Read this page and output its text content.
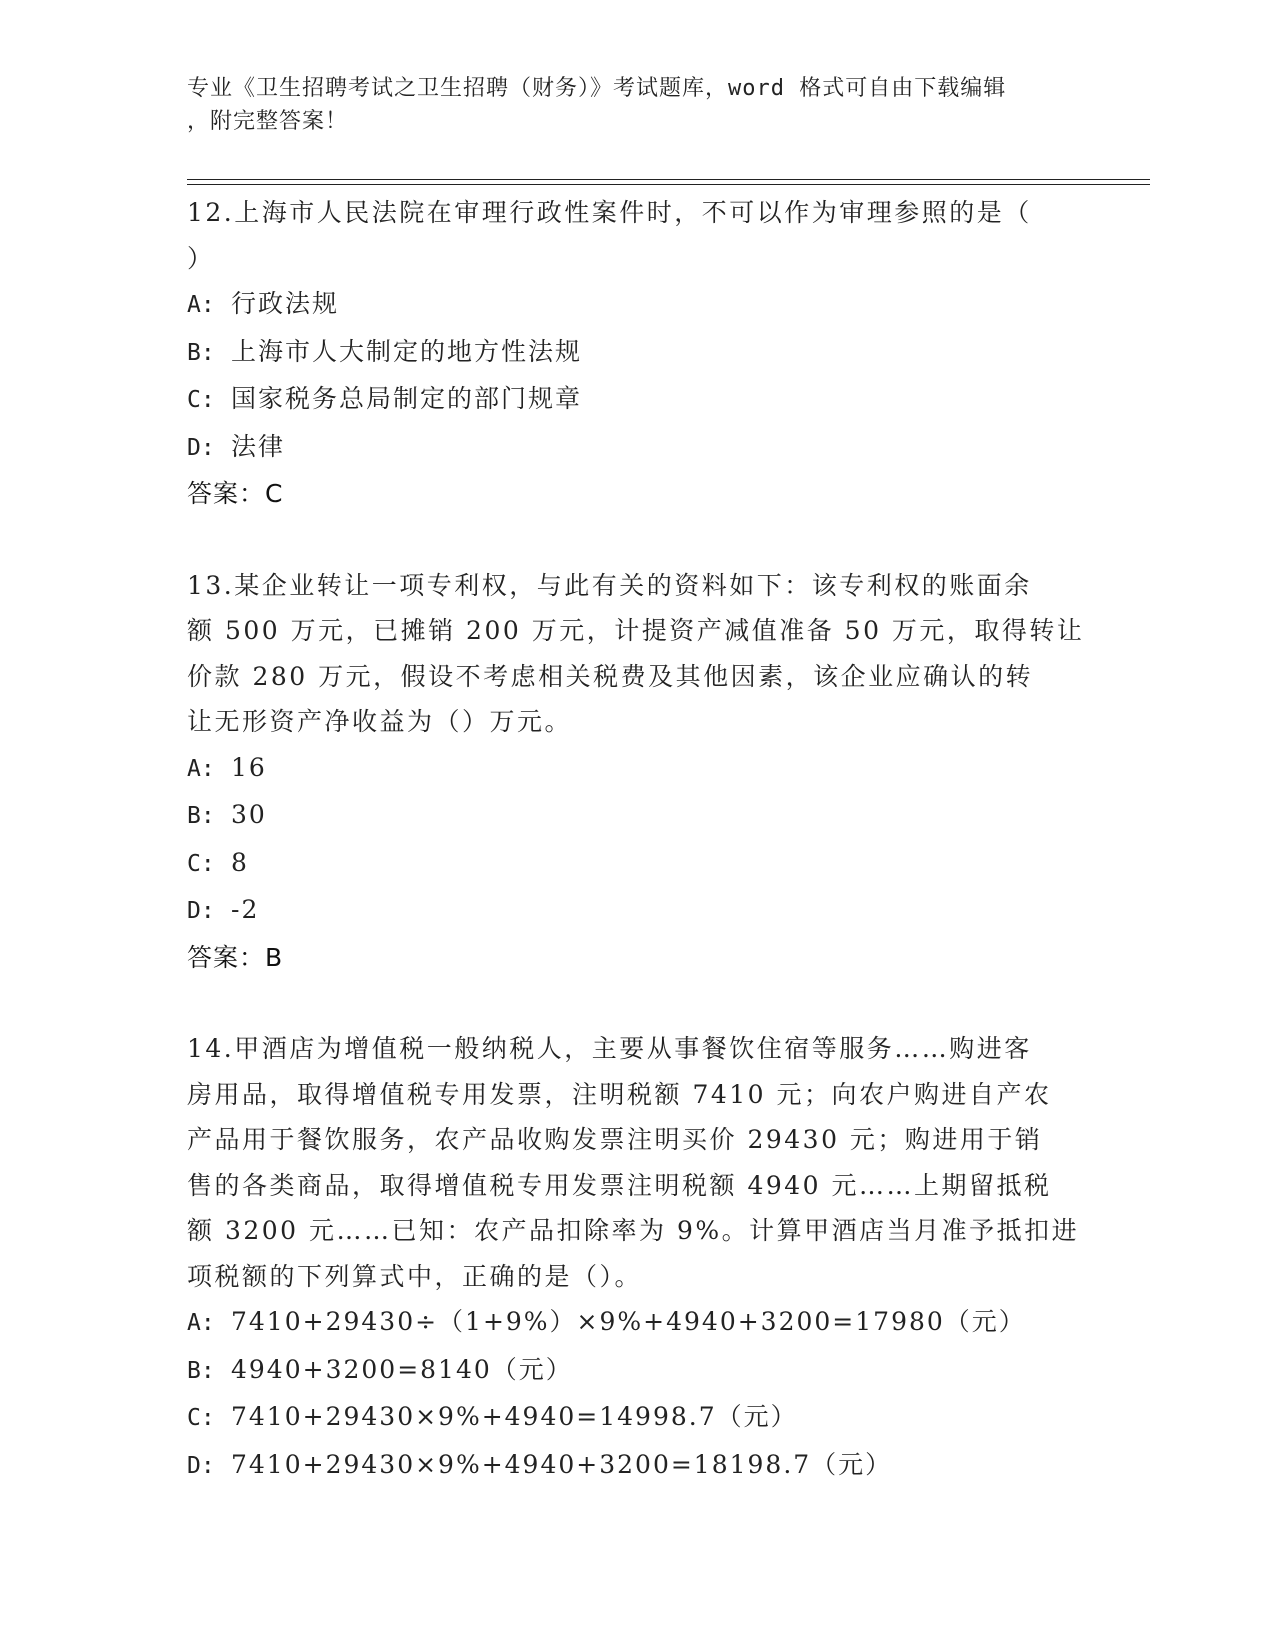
专业《卫生招聘考试之卫生招聘（财务）》考试题库，word 格式可自由下载编辑
，附完整答案！
12.上海市人民法院在审理行政性案件时，不可以作为审理参照的是（
）
A: 行政法规
B: 上海市人大制定的地方性法规
C: 国家税务总局制定的部门规章
D: 法律
答案：C
13.某企业转让一项专利权，与此有关的资料如下：该专利权的账面余
额 500 万元，已摊销 200 万元，计提资产减值准备 50 万元，取得转让
价款 280 万元，假设不考虑相关税费及其他因素，该企业应确认的转
让无形资产净收益为（）万元。
A: 16
B: 30
C: 8
D: -2
答案：B
14.甲酒店为增值税一般纳税人，主要从事餐饮住宿等服务……购进客
房用品，取得增值税专用发票，注明税额 7410 元；向农户购进自产农
产品用于餐饮服务，农产品收购发票注明买价 29430 元；购进用于销
售的各类商品，取得增值税专用发票注明税额 4940 元……上期留抵税
额 3200 元……已知：农产品扣除率为 9%。计算甲酒店当月准予抵扣进
项税额的下列算式中，正确的是（）。
A: 7410+29430÷（1+9%）×9%+4940+3200=17980（元）
B: 4940+3200=8140（元）
C: 7410+29430×9%+4940=14998.7（元）
D: 7410+29430×9%+4940+3200=18198.7（元）
